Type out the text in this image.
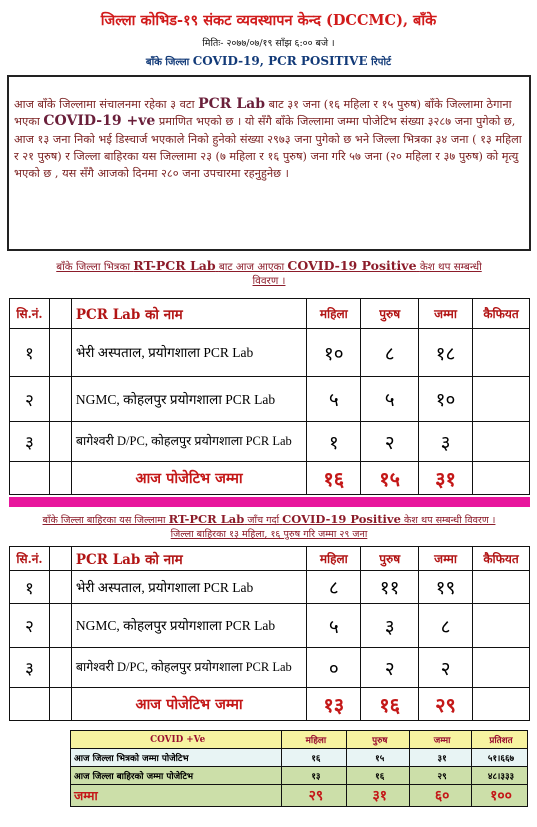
जिल्ला कोभिड-१९ संकट व्यवस्थापन केन्द (DCCMC), बाँके
मितिः- २०७७/०७/१९ साँझ ६:०० बजे ।
बाँके जिल्ला COVID-19, PCR POSITIVE रिपोर्ट
आज बाँके जिल्लामा संचालनमा रहेका ३ वटा PCR Lab बाट ३१ जना (१६ महिला र १५ पुरुष) बाँके जिल्लामा ठेगाना भएका COVID-19 +ve प्रमाणित भएको छ । यो सँगै बाँके जिल्लामा जम्मा पोजेटिभ संख्या ३२८७ जना पुगेको छ, आज १३ जना निको भई डिस्चार्ज भएकाले निको हुनेको संख्या २९७३ जना पुगेको छ भने जिल्ला भित्रका ३४ जना ( १३ महिला र २१ पुरुष) र जिल्ला बाहिरका यस जिल्लामा २३ (७ महिला र १६ पुरुष) जना गरि ५७ जना (२० महिला र ३७ पुरुष) को मृत्यु भएको छ , यस सँगै आजको दिनमा २८० जना उपचारमा रहनुहुनेछ ।
बाँके जिल्ला भित्रका RT-PCR Lab बाट आज आएका COVID-19 Positive केश थप सम्बन्धी
विवरण ।
सि.नं.		PCR Lab को नाम	महिला	पुरुष	जम्मा	कैफियत
१		भेरी अस्पताल, प्रयोगशाला PCR Lab	१०	८	१८	
२		NGMC, कोहलपुर प्रयोगशाला PCR Lab	५	५	१०	
३		बागेश्वरी D/PC, कोहलपुर प्रयोगशाला PCR Lab	१	२	३	
		आज पोजेटिभ जम्मा	१६	१५	३१	
बाँके जिल्ला बाहिरका यस जिल्लामा RT-PCR Lab जाँच गर्दा COVID-19 Positive केश थप सम्बन्धी विवरण ।
जिल्ला बाहिरका १३ महिला, १६ पुरुष गरि जम्मा २९ जना
सि.नं.		PCR Lab को नाम	महिला	पुरुष	जम्मा	कैफियत
१		भेरी अस्पताल, प्रयोगशाला PCR Lab	८	११	१९	
२		NGMC, कोहलपुर प्रयोगशाला PCR Lab	५	३	८	
३		बागेश्वरी D/PC, कोहलपुर प्रयोगशाला PCR Lab	०	२	२	
		आज पोजेटिभ जम्मा	१३	१६	२९	
COVID +Ve	महिला	पुरुष	जम्मा	प्रतिशत
आज जिल्ला भित्रको जम्मा पोजेटिभ	१६	१५	३१	५१।६६७
आज जिल्ला बाहिरको जम्मा पोजेटिभ	१३	१६	२९	४८।३३३
जम्मा	२९	३१	६०	१००
